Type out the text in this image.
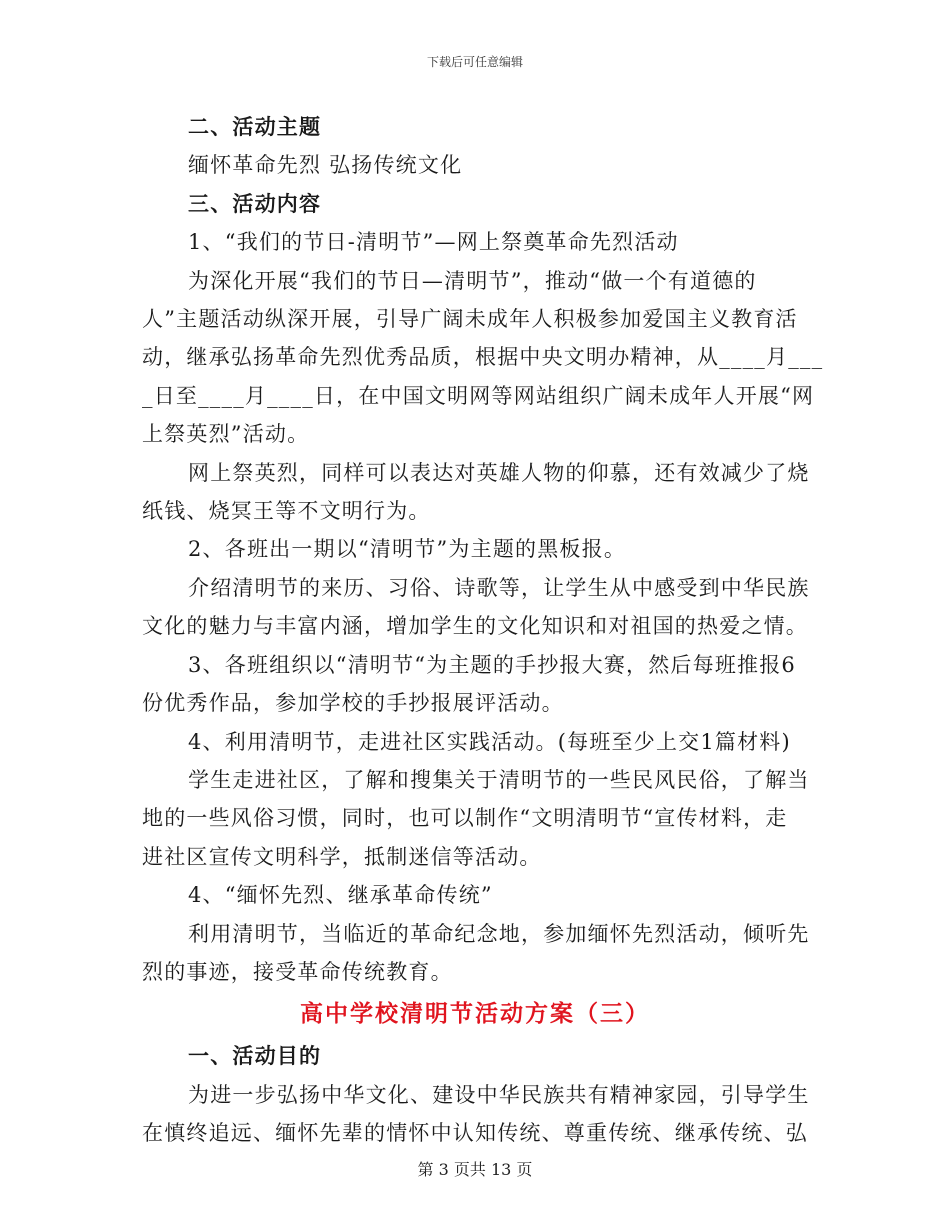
下载后可任意编辑
二、活动主题
缅怀革命先烈 弘扬传统文化
三、活动内容
1、“我们的节日-清明节”—网上祭奠革命先烈活动
为深化开展“我们的节日—清明节”，推动“做一个有道德的
人”主题活动纵深开展，引导广阔未成年人积极参加爱国主义教育活
动，继承弘扬革命先烈优秀品质，根据中央文明办精神，从____月___
_日至____月____日，在中国文明网等网站组织广阔未成年人开展“网
上祭英烈”活动。
网上祭英烈，同样可以表达对英雄人物的仰慕，还有效减少了烧
纸钱、烧冥王等不文明行为。
2、各班出一期以“清明节”为主题的黑板报。
介绍清明节的来历、习俗、诗歌等，让学生从中感受到中华民族
文化的魅力与丰富内涵，增加学生的文化知识和对祖国的热爱之情。
3、各班组织以“清明节“为主题的手抄报大赛，然后每班推报6
份优秀作品，参加学校的手抄报展评活动。
4、利用清明节，走进社区实践活动。(每班至少上交1篇材料)
学生走进社区，了解和搜集关于清明节的一些民风民俗，了解当
地的一些风俗习惯，同时，也可以制作“文明清明节“宣传材料，走
进社区宣传文明科学，抵制迷信等活动。
4、“缅怀先烈、继承革命传统”
利用清明节，当临近的革命纪念地，参加缅怀先烈活动，倾听先
烈的事迹，接受革命传统教育。
高中学校清明节活动方案（三）
一、活动目的
为进一步弘扬中华文化、建设中华民族共有精神家园，引导学生
在慎终追远、缅怀先辈的情怀中认知传统、尊重传统、继承传统、弘
第 3 页共 13 页
